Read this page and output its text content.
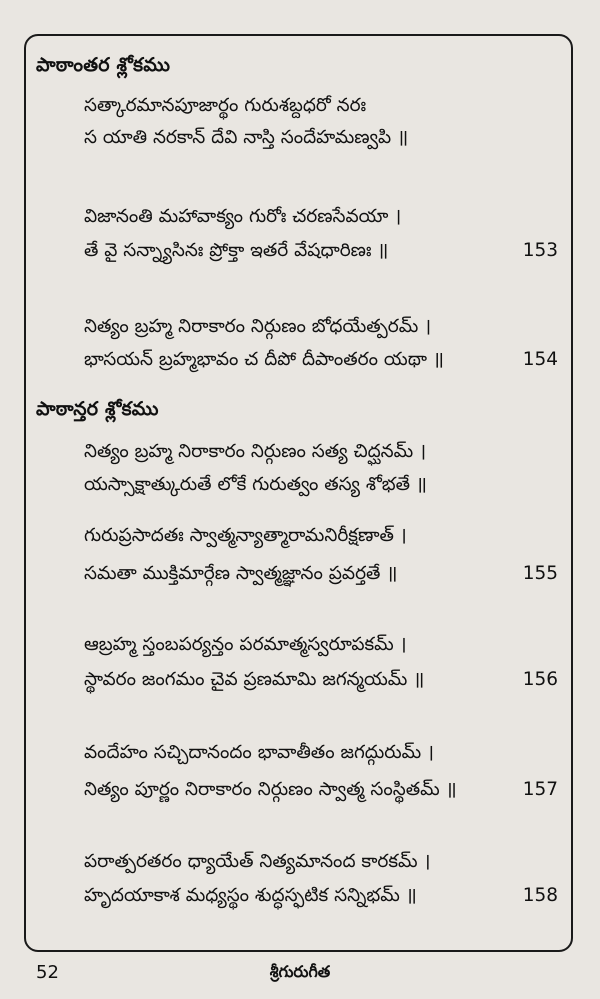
పాఠాంతర శ్లోకము
సత్కారమానపూజార్థం గురుశబ్దధరో నరః
స యాతి నరకాన్ దేవి నాస్తి సందేహమణ్వపి ॥
విజానంతి మహావాక్యం గురోః చరణసేవయా ।
తే వై సన్న్యాసినః ప్రోక్తా ఇతరే వేషధారిణః ॥	153
నిత్యం బ్రహ్మ నిరాకారం నిర్గుణం బోధయేత్పరమ్ ।
భాసయన్ బ్రహ్మభావం చ దీపో దీపాంతరం యథా ॥	154
పాఠాన్తర శ్లోకము
నిత్యం బ్రహ్మ నిరాకారం నిర్గుణం సత్య చిద్ఘనమ్ ।
యస్సాక్షాత్కురుతే లోకే గురుత్వం తస్య శోభతే ॥
గురుప్రసాదతః స్వాత్మన్యాత్మారామనిరీక్షణాత్ ।
సమతా ముక్తిమార్గేణ స్వాత్మజ్ఞానం ప్రవర్తతే ॥	155
ఆబ్రహ్మ స్తంబపర్యన్తం పరమాత్మస్వరూపకమ్ ।
స్థావరం జంగమం చైవ ప్రణమామి జగన్మయమ్ ॥	156
వందేహం సచ్చిదానందం భావాతీతం జగద్గురుమ్ ।
నిత్యం పూర్ణం నిరాకారం నిర్గుణం స్వాత్మ సంస్థితమ్ ॥	157
పరాత్పరతరం ధ్యాయేత్ నిత్యమానంద కారకమ్ ।
హృదయాకాశ మధ్యస్థం శుద్ధస్ఫటిక సన్నిభమ్ ॥	158
52	శ్రీగురుగీత
